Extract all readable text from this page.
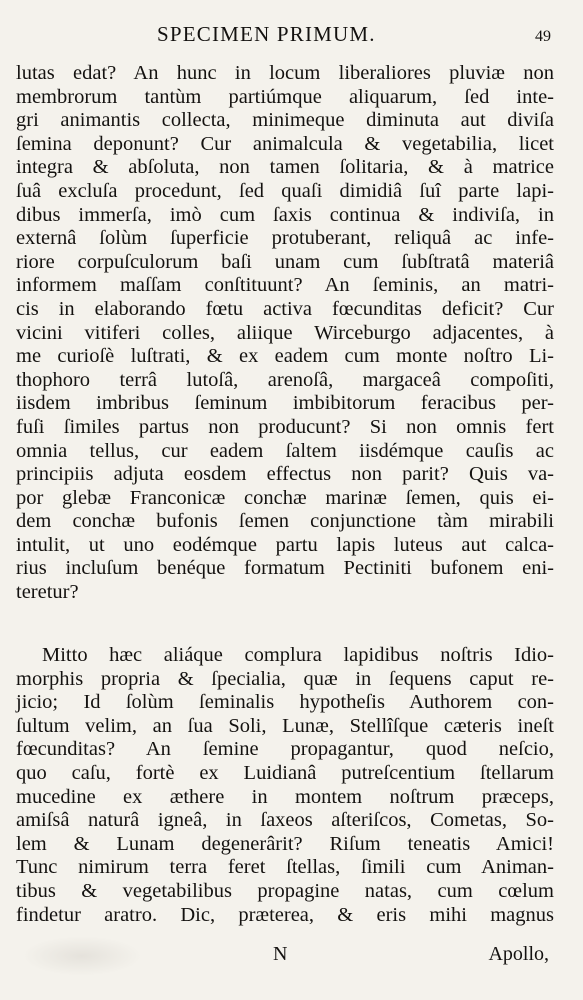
SPECIMEN PRIMUM.	49
lutas edat? An hunc in locum liberaliores pluviæ non
membrorum tantùm partiúmque aliquarum, ſed inte-
gri animantis collecta, minimeque diminuta aut diviſa
ſemina deponunt? Cur animalcula & vegetabilia, licet
integra & abſoluta, non tamen ſolitaria, & à matrice
ſuâ excluſa procedunt, ſed quaſi dimidiâ ſuî parte lapi-
dibus immerſa, imò cum ſaxis continua & indiviſa, in
externâ ſolùm ſuperficie protuberant, reliquâ ac infe-
riore corpuſculorum baſi unam cum ſubſtratâ materiâ
informem maſſam conſtituunt? An ſeminis, an matri-
cis in elaborando fœtu activa fœcunditas deficit? Cur
vicini vitiferi colles, aliique Wirceburgo adjacentes, à
me curioſè luſtrati, & ex eadem cum monte noſtro Li-
thophoro terrâ lutoſâ, arenoſâ, margaceâ compoſiti,
iisdem imbribus ſeminum imbibitorum feracibus per-
fuſi ſimiles partus non producunt? Si non omnis fert
omnia tellus, cur eadem ſaltem iisdémque cauſis ac
principiis adjuta eosdem effectus non parit? Quis va-
por glebæ Franconicæ conchæ marinæ ſemen, quis ei-
dem conchæ bufonis ſemen conjunctione tàm mirabili
intulit, ut uno eodémque partu lapis luteus aut calca-
rius incluſum benéque formatum Pectiniti bufonem eni-
teretur?
Mitto hæc aliáque complura lapidibus noſtris Idio-
morphis propria & ſpecialia, quæ in ſequens caput re-
jicio; Id ſolùm ſeminalis hypotheſis Authorem con-
ſultum velim, an ſua Soli, Lunæ, Stellîſque cæteris ineſt
fœcunditas? An ſemine propagantur, quod neſcio,
quo caſu, fortè ex Luidianâ putreſcentium ſtellarum
mucedine ex æthere in montem noſtrum præceps,
amiſsâ naturâ igneâ, in ſaxeos aſteriſcos, Cometas, So-
lem & Lunam degenerârit? Riſum teneatis Amici!
Tunc nimirum terra feret ſtellas, ſimili cum Animan-
tibus & vegetabilibus propagine natas, cum cœlum
findetur aratro. Dic, præterea, & eris mihi magnus
N	Apollo,
